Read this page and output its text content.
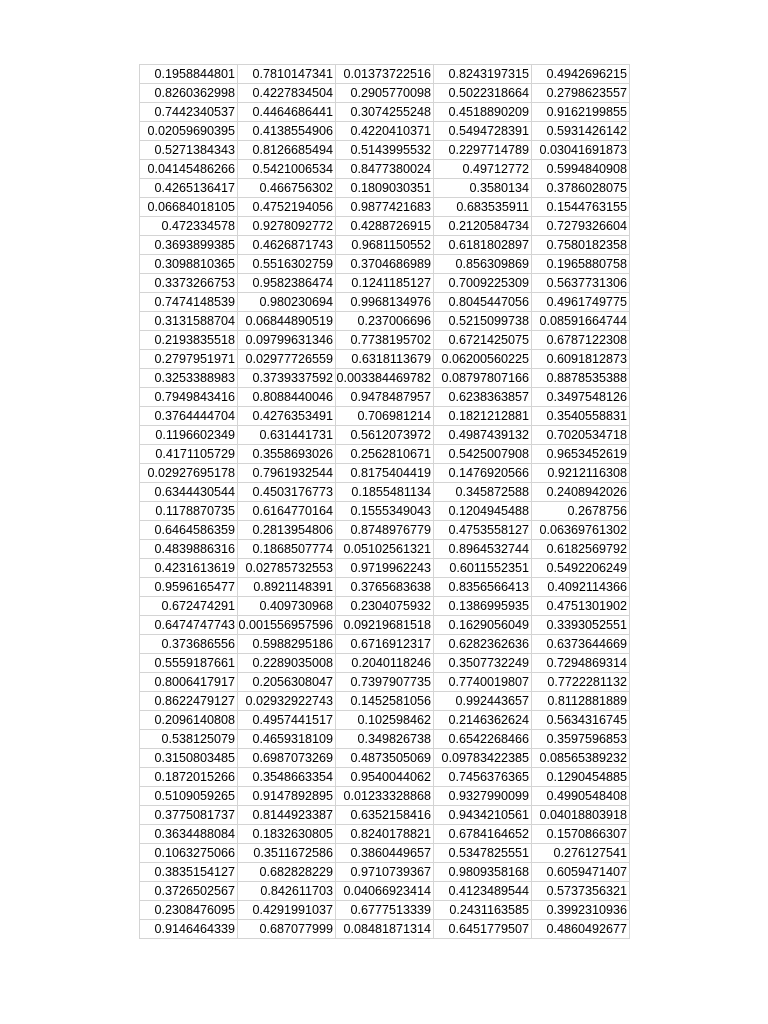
0.1958844801	0.7810147341	0.01373722516	0.8243197315	0.4942696215
0.8260362998	0.4227834504	0.2905770098	0.5022318664	0.2798623557
0.7442340537	0.4464686441	0.3074255248	0.4518890209	0.9162199855
0.02059690395	0.4138554906	0.4220410371	0.5494728391	0.5931426142
0.5271384343	0.8126685494	0.5143995532	0.2297714789	0.03041691873
0.04145486266	0.5421006534	0.8477380024	0.49712772	0.5994840908
0.4265136417	0.466756302	0.1809030351	0.3580134	0.3786028075
0.06684018105	0.4752194056	0.9877421683	0.683535911	0.1544763155
0.472334578	0.9278092772	0.4288726915	0.2120584734	0.7279326604
0.3693899385	0.4626871743	0.9681150552	0.6181802897	0.7580182358
0.3098810365	0.5516302759	0.3704686989	0.856309869	0.1965880758
0.3373266753	0.9582386474	0.1241185127	0.7009225309	0.5637731306
0.7474148539	0.980230694	0.9968134976	0.8045447056	0.4961749775
0.3131588704	0.06844890519	0.237006696	0.5215099738	0.08591664744
0.2193835518	0.09799631346	0.7738195702	0.6721425075	0.6787122308
0.2797951971	0.02977726559	0.6318113679	0.06200560225	0.6091812873
0.3253388983	0.3739337592	0.003384469782	0.08797807166	0.8878535388
0.7949843416	0.8088440046	0.9478487957	0.6238363857	0.3497548126
0.3764444704	0.4276353491	0.706981214	0.1821212881	0.3540558831
0.1196602349	0.631441731	0.5612073972	0.4987439132	0.7020534718
0.4171105729	0.3558693026	0.2562810671	0.5425007908	0.9653452619
0.02927695178	0.7961932544	0.8175404419	0.1476920566	0.9212116308
0.6344430544	0.4503176773	0.1855481134	0.345872588	0.2408942026
0.1178870735	0.6164770164	0.1555349043	0.1204945488	0.2678756
0.6464586359	0.2813954806	0.8748976779	0.4753558127	0.06369761302
0.4839886316	0.1868507774	0.05102561321	0.8964532744	0.6182569792
0.4231613619	0.02785732553	0.9719962243	0.6011552351	0.5492206249
0.9596165477	0.8921148391	0.3765683638	0.8356566413	0.4092114366
0.672474291	0.409730968	0.2304075932	0.1386995935	0.4751301902
0.6474747743	0.001556957596	0.09219681518	0.1629056049	0.3393052551
0.373686556	0.5988295186	0.6716912317	0.6282362636	0.6373644669
0.5559187661	0.2289035008	0.2040118246	0.3507732249	0.7294869314
0.8006417917	0.2056308047	0.7397907735	0.7740019807	0.7722281132
0.8622479127	0.02932922743	0.1452581056	0.992443657	0.8112881889
0.2096140808	0.4957441517	0.102598462	0.2146362624	0.5634316745
0.538125079	0.4659318109	0.349826738	0.6542268466	0.3597596853
0.3150803485	0.6987073269	0.4873505069	0.09783422385	0.08565389232
0.1872015266	0.3548663354	0.9540044062	0.7456376365	0.1290454885
0.5109059265	0.9147892895	0.01233328868	0.9327990099	0.4990548408
0.3775081737	0.8144923387	0.6352158416	0.9434210561	0.04018803918
0.3634488084	0.1832630805	0.8240178821	0.6784164652	0.1570866307
0.1063275066	0.3511672586	0.3860449657	0.5347825551	0.276127541
0.3835154127	0.682828229	0.9710739367	0.9809358168	0.6059471407
0.3726502567	0.842611703	0.04066923414	0.4123489544	0.5737356321
0.2308476095	0.4291991037	0.6777513339	0.2431163585	0.3992310936
0.9146464339	0.687077999	0.08481871314	0.6451779507	0.4860492677
